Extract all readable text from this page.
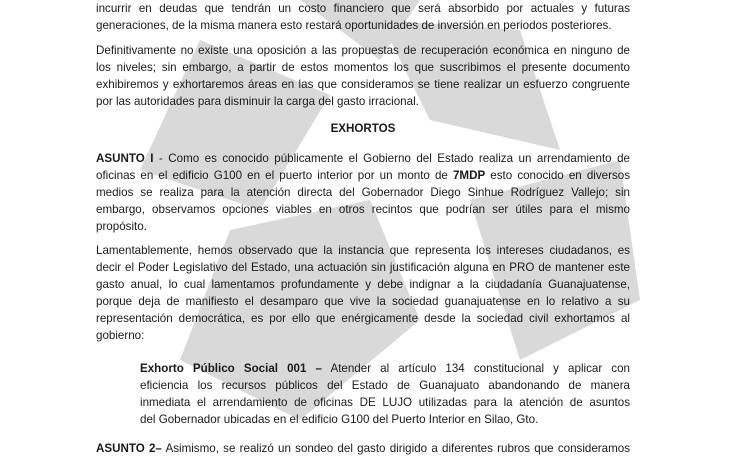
incurrir en deudas que tendrán un costo financiero que será absorbido por actuales y futuras
generaciones, de la misma manera esto restará oportunidades de inversión en periodos posteriores.

Definitivamente no existe una oposición a las propuestas de recuperación económica en ninguno de
los niveles; sin embargo, a partir de estos momentos los que suscribimos el presente documento
exhibiremos y exhortaremos áreas en las que consideramos se tiene realizar un esfuerzo congruente
por las autoridades para disminuir la carga del gasto irracional.

EXHORTOS

ASUNTO I - Como es conocido públicamente el Gobierno del Estado realiza un arrendamiento de
oficinas en el edificio G100 en el puerto interior por un monto de 7MDP esto conocido en diversos
medios se realiza para la atención directa del Gobernador Diego Sinhue Rodríguez Vallejo; sin
embargo, observamos opciones viables en otros recintos que podrían ser útiles para el mismo
propósito.

Lamentablemente, hemos observado que la instancia que representa los intereses ciudadanos, es
decir el Poder Legislativo del Estado, una actuación sin justificación alguna en PRO de mantener este
gasto anual, lo cual lamentamos profundamente y debe indignar a la ciudadanía Guanajuatense,
porque deja de manifiesto el desamparo que vive la sociedad guanajuatense en lo relativo a su
representación democrática, es por ello que enérgicamente desde la sociedad civil exhortamos al
gobierno:

Exhorto Público Social 001 – Atender al artículo 134 constitucional y aplicar con
eficiencia los recursos públicos del Estado de Guanajuato abandonando de manera
inmediata el arrendamiento de oficinas DE LUJO utilizadas para la atención de asuntos
del Gobernador ubicadas en el edificio G100 del Puerto Interior en Silao, Gto.

ASUNTO 2– Asimismo, se realizó un sondeo del gasto dirigido a diferentes rubros que consideramos
